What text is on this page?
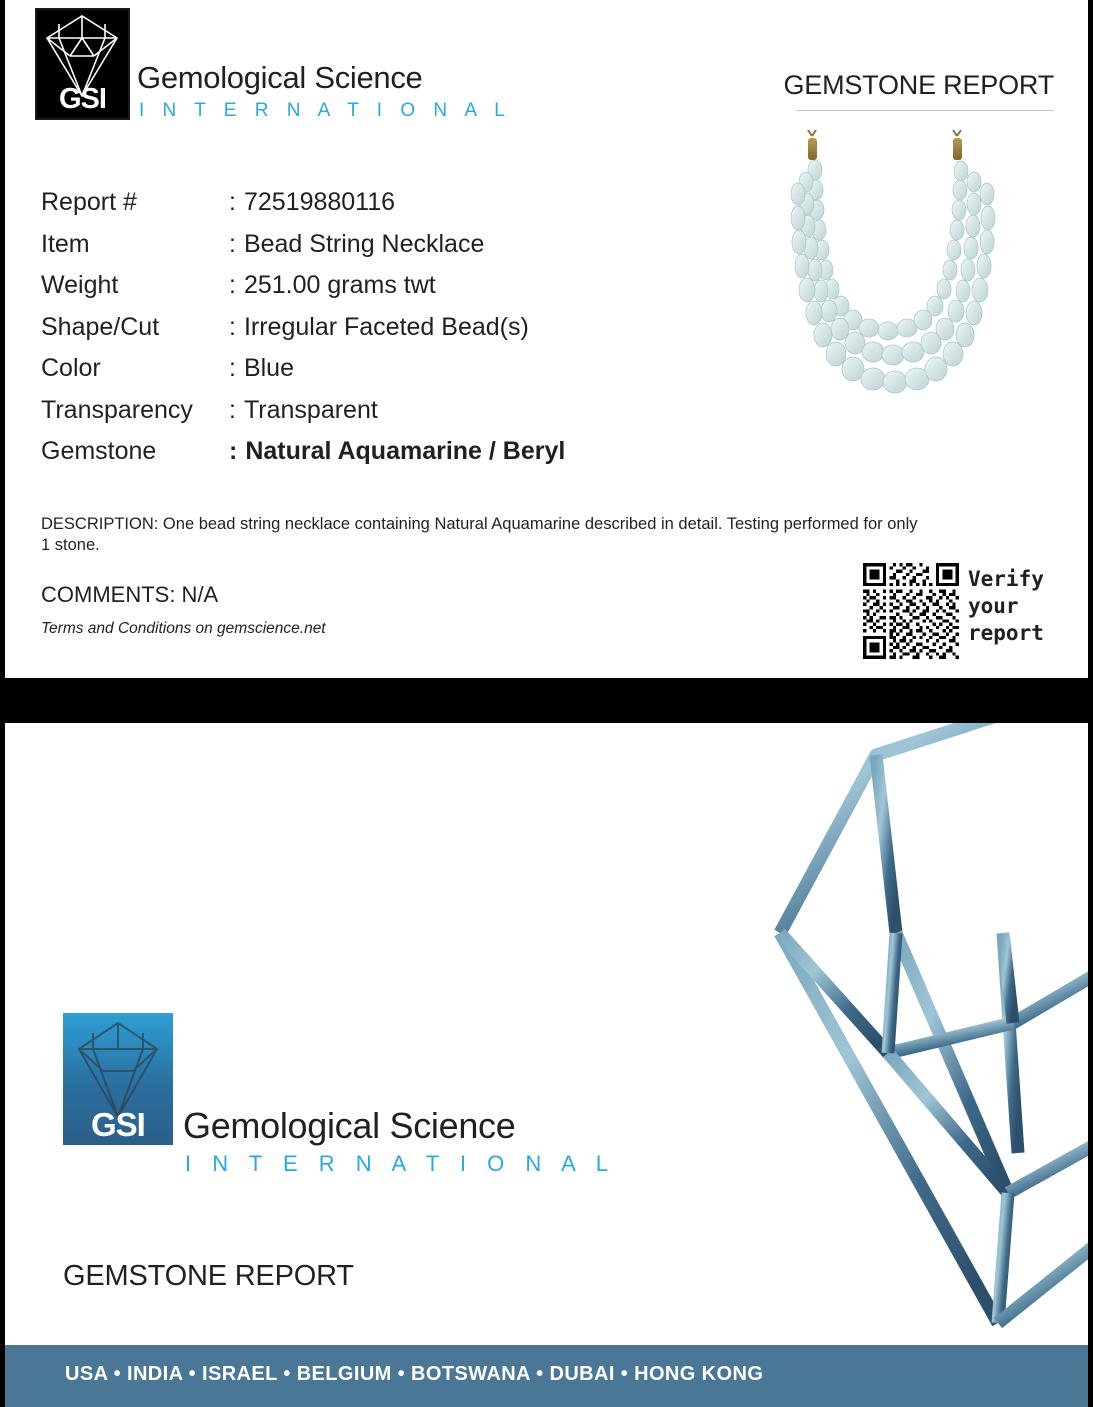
GSI
Gemological Science
I N T E R N A T I O N A L
GEMSTONE REPORT
Report #	: 72519880116
Item	: Bead String Necklace
Weight	: 251.00 grams twt
Shape/Cut	: Irregular Faceted Bead(s)
Color	: Blue
Transparency	: Transparent
Gemstone	: Natural Aquamarine / Beryl
DESCRIPTION: One bead string necklace containing Natural Aquamarine described in detail. Testing performed for only 1 stone.
COMMENTS: N/A
Terms and Conditions on gemscience.net
Verify
your
report
GSI Gemological Science
I N T E R N A T I O N A L
GEMSTONE REPORT
USA • INDIA • ISRAEL • BELGIUM • BOTSWANA • DUBAI • HONG KONG
